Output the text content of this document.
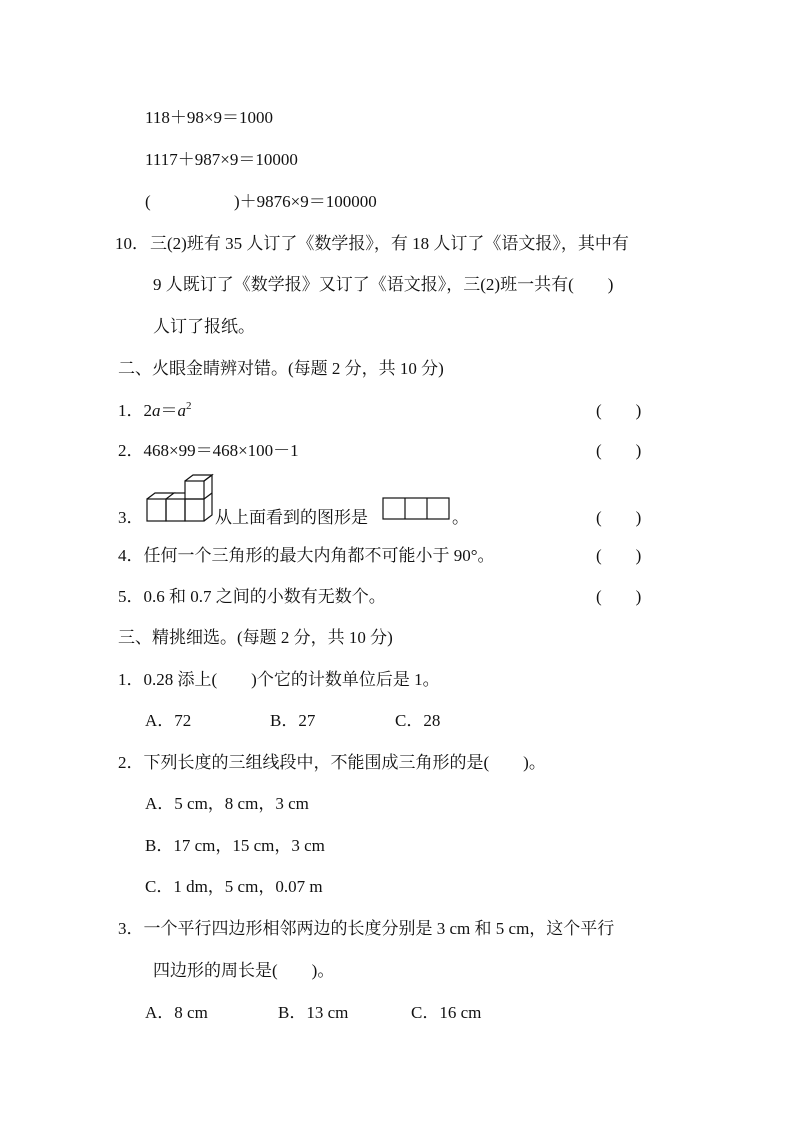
118＋98×9＝1000
1117＋987×9＝10000
(	)＋9876×9＝100000
10． 三(2)班有 35 人订了《数学报》，有 18 人订了《语文报》，其中有
9 人既订了《数学报》又订了《语文报》，三(2)班一共有(        )
人订了报纸。
二、火眼金睛辨对错。(每题 2 分，共 10 分)
1．$2a=a^2$	(        )
2．468×99＝468×100－1	(        )
3．	从上面看到的图形是	。	(        )
4．任何一个三角形的最大内角都不可能小于 90°。	(        )
5．0.6 和 0.7 之间的小数有无数个。	(        )
三、精挑细选。(每题 2 分，共 10 分)
1．0.28 添上(        )个它的计数单位后是 1。
A．72	B．27	C．28
2．下列长度的三组线段中，不能围成三角形的是(        )。
A．5 cm，8 cm，3 cm
B．17 cm，15 cm，3 cm
C．1 dm，5 cm，0.07 m
3．一个平行四边形相邻两边的长度分别是 3 cm 和 5 cm，这个平行
四边形的周长是(        )。
A．8 cm	B．13 cm	C．16 cm
